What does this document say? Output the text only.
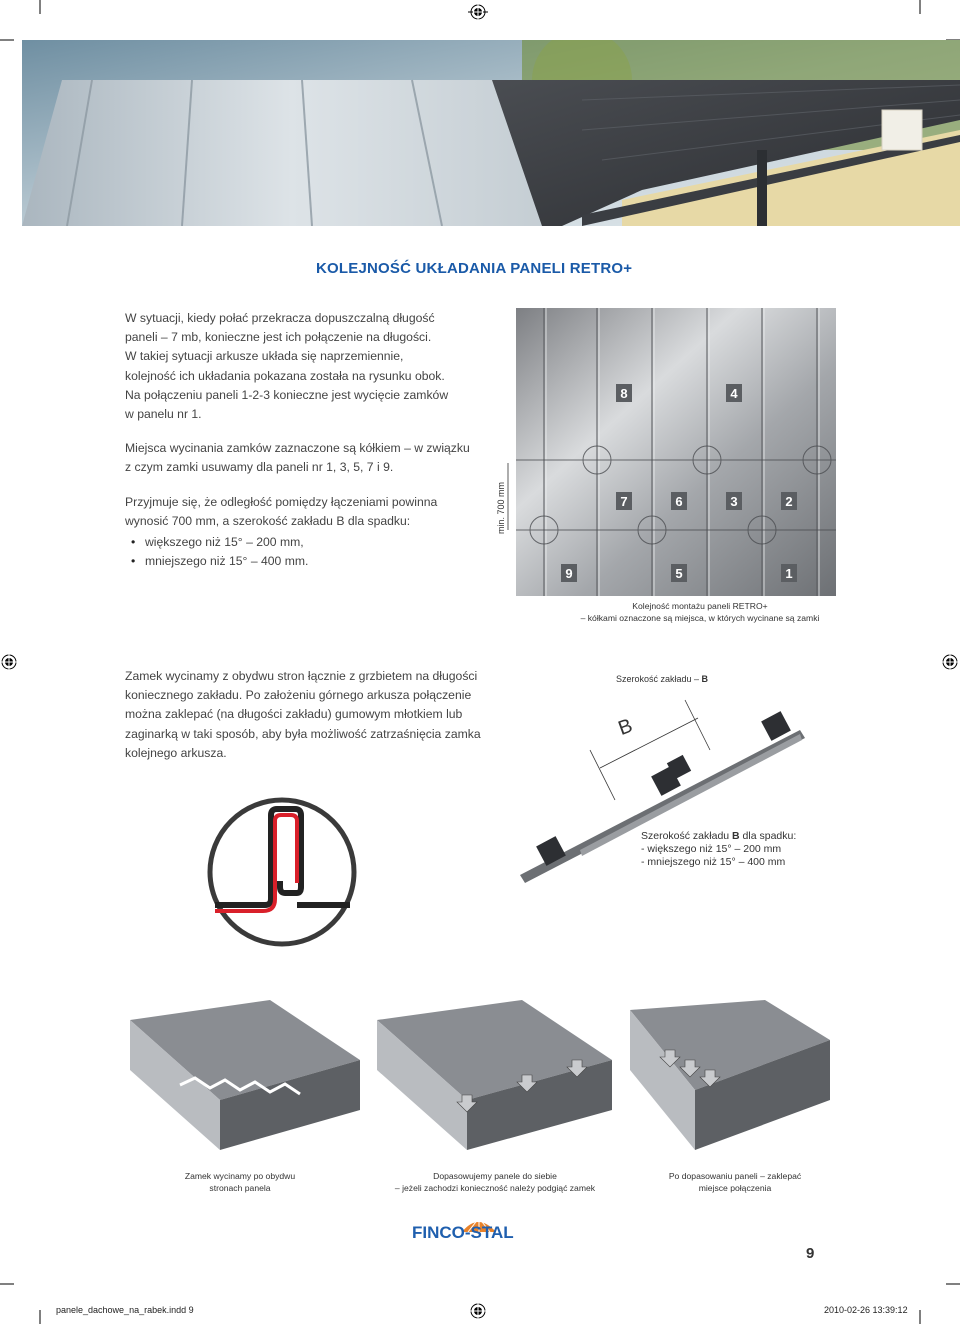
KOLEJNOŚĆ UKŁADANIA PANELI RETRO+

W sytuacji, kiedy połać przekracza dopuszczalną długość
paneli – 7 mb, konieczne jest ich połączenie na długości.
W takiej sytuacji arkusze układa się naprzemiennie,
kolejność ich układania pokazana została na rysunku obok.
Na połączeniu paneli 1-2-3 konieczne jest wycięcie zamków
w panelu nr 1.

Miejsca wycinania zamków zaznaczone są kółkiem – w związku
z czym zamki usuwamy dla paneli nr 1, 3, 5, 7 i 9.

Przyjmuje się, że odległość pomiędzy łączeniami powinna
wynosić 700 mm, a szerokość zakładu B dla spadku:

• większego niż 15° – 200 mm,
• mniejszego niż 15° – 400 mm.
min. 700 mm
8	4
7	6	3	2
9	5	1
Kolejność montażu paneli RETRO+
– kółkami oznaczone są miejsca, w których wycinane są zamki
Zamek wycinamy z obydwu stron łącznie z grzbietem na długości
koniecznego zakładu. Po założeniu górnego arkusza połączenie
można zaklepać (na długości zakładu) gumowym młotkiem lub
zaginarką w taki sposób, aby była możliwość zatrzaśnięcia zamka
kolejnego arkusza.
Szerokość zakładu – B
B
Szerokość zakładu B dla spadku:
- większego niż 15° – 200 mm
- mniejszego niż 15° – 400 mm
Zamek wycinamy po obydwu
stronach panela
Dopasowujemy panele do siebie
– jeżeli zachodzi konieczność należy podgiąć zamek
Po dopasowaniu paneli – zaklepać
miejsce połączenia
FINCO-STAL
9
panele_dachowe_na_rabek.indd 9	2010-02-26 13:39:12
